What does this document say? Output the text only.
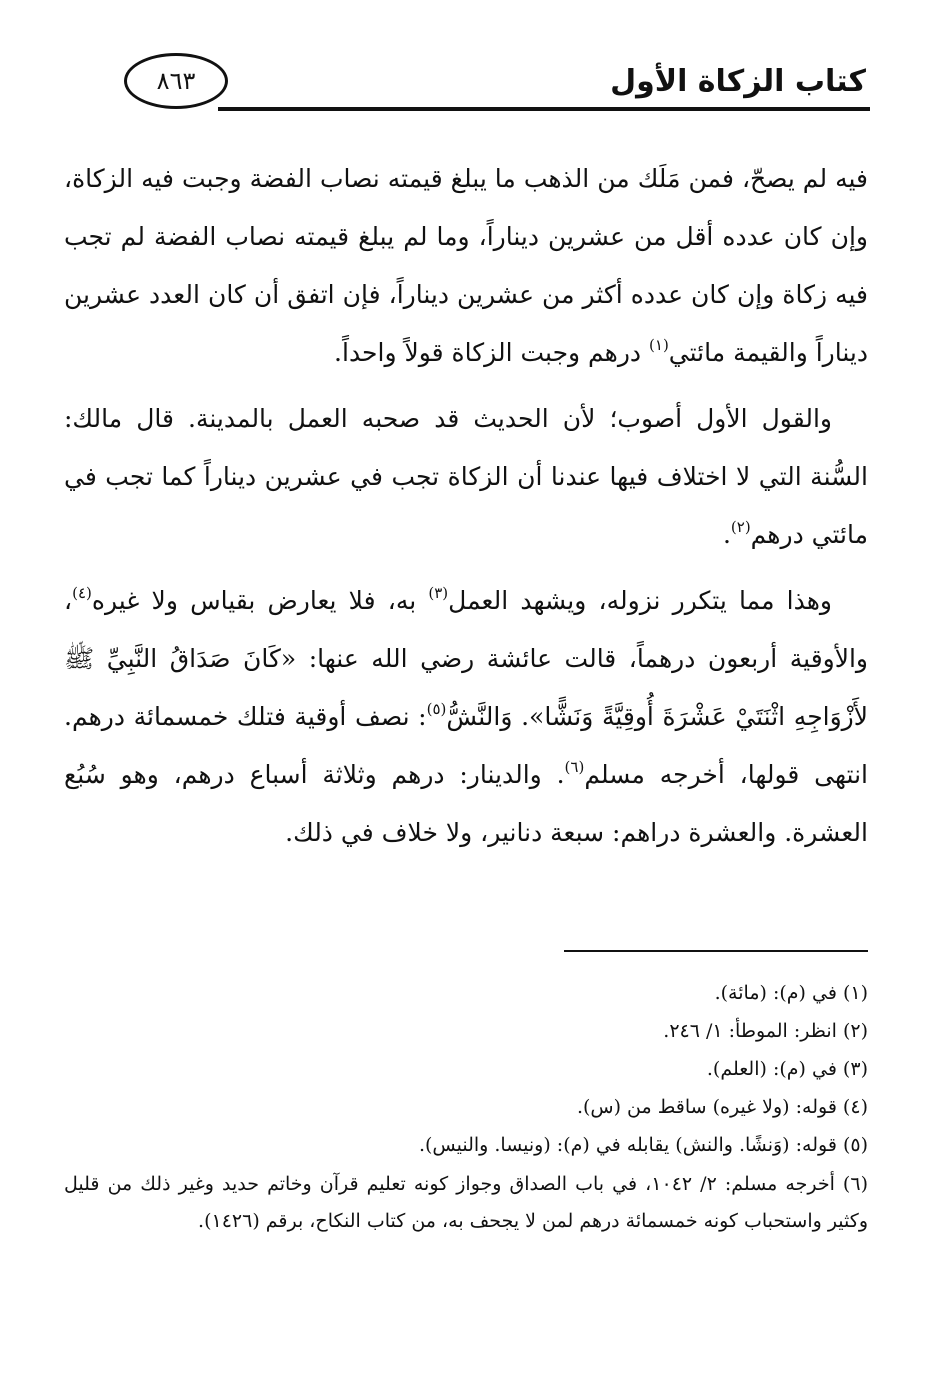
كتاب الزكاة الأول
٨٦٣

فيه لم يصحّ، فمن مَلَك من الذهب ما يبلغ قيمته نصاب الفضة وجبت فيه الزكاة، وإن كان عدده أقل من عشرين ديناراً، وما لم يبلغ قيمته نصاب الفضة لم تجب فيه زكاة وإن كان عدده أكثر من عشرين ديناراً، فإن اتفق أن كان العدد عشرين ديناراً والقيمة مائتي$^{(١)}$ درهم وجبت الزكاة قولاً واحداً.

والقول الأول أصوب؛ لأن الحديث قد صحبه العمل بالمدينة. قال مالك: السُّنة التي لا اختلاف فيها عندنا أن الزكاة تجب في عشرين ديناراً كما تجب في مائتي درهم$^{(٢)}$.

وهذا مما يتكرر نزوله، ويشهد العمل$^{(٣)}$ به، فلا يعارض بقياس ولا غيره$^{(٤)}$، والأوقية أربعون درهماً، قالت عائشة رضي الله عنها: «كَانَ صَدَاقُ النَّبِيِّ ﷺ لأَزْوَاجِهِ اثْنَتَيْ عَشْرَةَ أُوقِيَّةً وَنَشًّا». وَالنَّشُّ$^{(٥)}$: نصف أوقية فتلك خمسمائة درهم. انتهى قولها، أخرجه مسلم$^{(٦)}$. والدينار: درهم وثلاثة أسباع درهم، وهو سُبُع العشرة. والعشرة دراهم: سبعة دنانير، ولا خلاف في ذلك.

(١) في (م): (مائة).
(٢) انظر: الموطأ: ١/ ٢٤٦.
(٣) في (م): (العلم).
(٤) قوله: (ولا غيره) ساقط من (س).
(٥) قوله: (وَنشًا. والنش) يقابله في (م): (ونيسا. والنيس).
(٦) أخرجه مسلم: ٢/ ١٠٤٢، في باب الصداق وجواز كونه تعليم قرآن وخاتم حديد وغير ذلك من قليل وكثير واستحباب كونه خمسمائة درهم لمن لا يجحف به، من كتاب النكاح، برقم (١٤٢٦).
